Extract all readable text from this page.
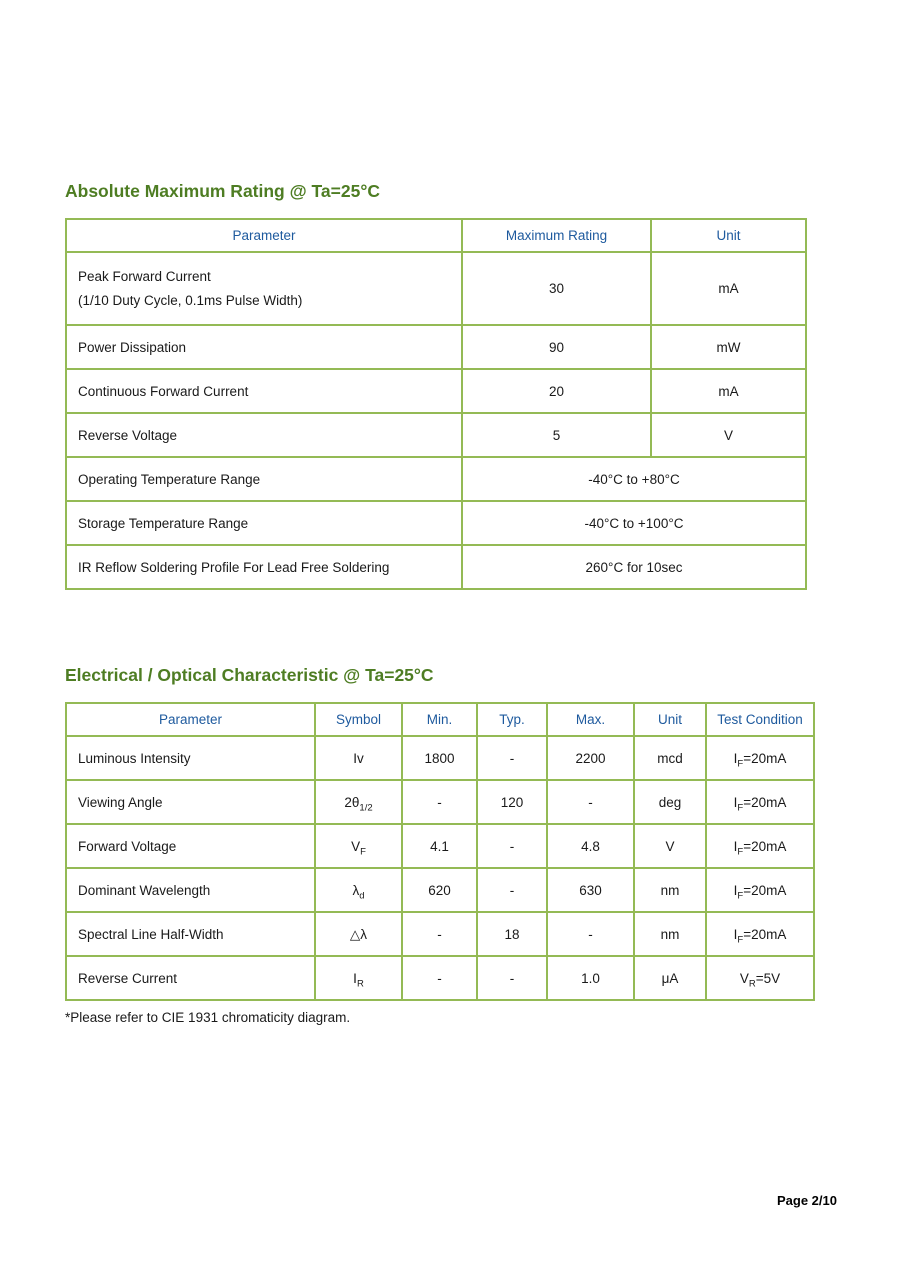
Absolute Maximum Rating @ Ta=25°C
Parameter	Maximum Rating	Unit

Peak Forward Current
(1/10 Duty Cycle, 0.1ms Pulse Width)	30	mA
Power Dissipation	90	mW
Continuous Forward Current	20	mA
Reverse Voltage	5	V
Operating Temperature Range	-40°C to +80°C	
Storage Temperature Range	-40°C to +100°C	
IR Reflow Soldering Profile For Lead Free Soldering	260°C for 10sec	
Electrical / Optical Characteristic @ Ta=25°C
Parameter	Symbol	Min.	Typ.	Max.	Unit	Test Condition
Luminous Intensity	Iv	1800	-	2200	mcd	$I_F=20mA$
Viewing Angle	$2\theta_{1/2}$	-	120	-	deg	$I_F=20mA$
Forward Voltage	$V_F$	4.1	-	4.8	V	$I_F=20mA$
Dominant Wavelength	$\lambda_d$	620	-	630	nm	$I_F=20mA$
Spectral Line Half-Width	△λ	-	18	-	nm	$I_F=20mA$
Reverse Current	$I_R$	-	-	1.0	μA	$V_R=5V$
*Please refer to CIE 1931 chromaticity diagram.
Page 2/10
